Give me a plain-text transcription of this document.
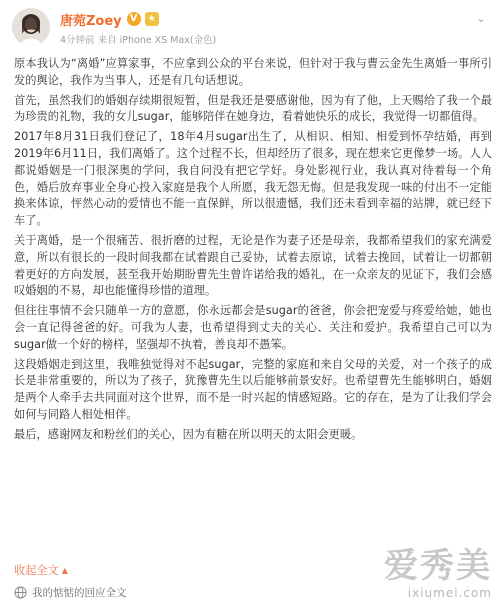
唐菀Zoey V	★
4分钟前 来自 iPhone XS Max(金色)
⌄

原本我认为“离婚”应算家事，不应拿到公众的平台来说，但针对于我与曹云金先生离婚一事所引发的舆论，我作为当事人，还是有几句话想说。

首先，虽然我们的婚姻存续期很短暂，但是我还是要感谢他，因为有了他，上天赐给了我一个最为珍贵的礼物，我的女儿sugar，能够陪伴在她身边，看着她快乐的成长，我觉得一切都值得。

2017年8月31日我们登记了，18年4月sugar出生了，从相识、相知、相爱到怀孕结婚，再到2019年6月11日，我们离婚了。这个过程不长，但却经历了很多，现在想来它更像梦一场。人人都说婚姻是一门很深奥的学问，我自问没有把它学好。身处影视行业，我认真对待着每一个角色，婚后放弃事业全身心投入家庭是我个人所愿，我无怨无悔。但是我发现一味的付出不一定能换来体谅，怦然心动的爱情也不能一直保鲜，所以很遗憾，我们还未看到幸福的站牌，就已经下车了。

关于离婚，是一个很痛苦、很折磨的过程，无论是作为妻子还是母亲，我都希望我们的家充满爱意，所以有很长的一段时间我都在试着跟自己妥协，试着去原谅，试着去挽回，试着让一切都朝着更好的方向发展，甚至我开始期盼曹先生曾许诺给我的婚礼，在一众亲友的见证下，我们会感叹婚姻的不易，却也能懂得珍惜的道理。

但往往事情不会只随单一方的意愿，你永远都会是sugar的爸爸，你会把宠爱与疼爱给她，她也会一直记得爸爸的好。可我为人妻，也希望得到丈夫的关心、关注和爱护。我希望自己可以为sugar做一个好的榜样，坚强却不执着，善良却不愚笨。

这段婚姻走到这里，我唯独觉得对不起sugar，完整的家庭和来自父母的关爱，对一个孩子的成长是非常重要的，所以为了孩子，犹豫曹先生以后能够前景安好。也希望曹先生能够明白，婚姻是两个人牵手去共同面对这个世界，而不是一时兴起的情感短路。它的存在，是为了让我们学会如何与同路人相处相伴。

最后，感谢网友和粉丝们的关心，因为有糖在所以明天的太阳会更暖。

收起全文 ▲
我的惦惦的回应全文
爱秀美
ixiumei.com
